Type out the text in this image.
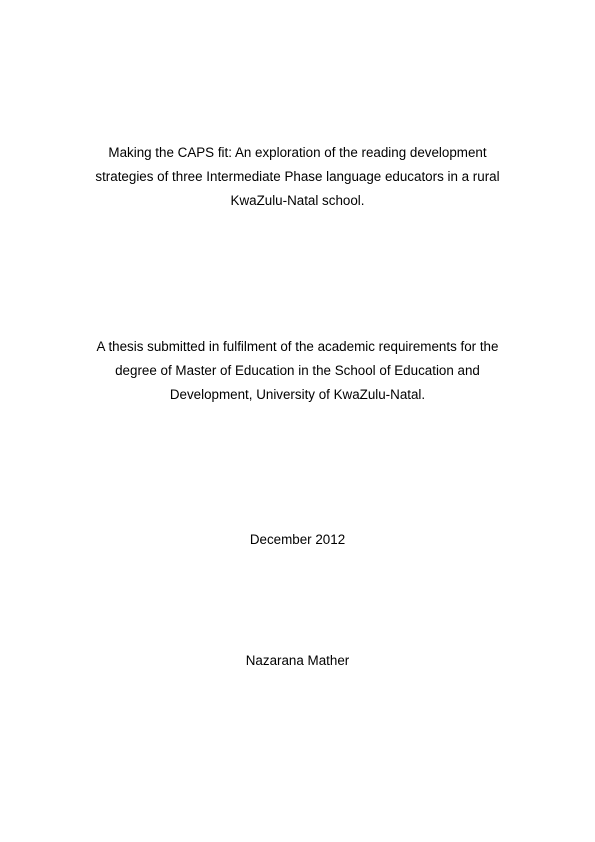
Making the CAPS fit: An exploration of the reading development
strategies of three Intermediate Phase language educators in a rural
KwaZulu-Natal school.
A thesis submitted in fulfilment of the academic requirements for the
degree of Master of Education in the School of Education and
Development, University of KwaZulu-Natal.
December 2012
Nazarana Mather
